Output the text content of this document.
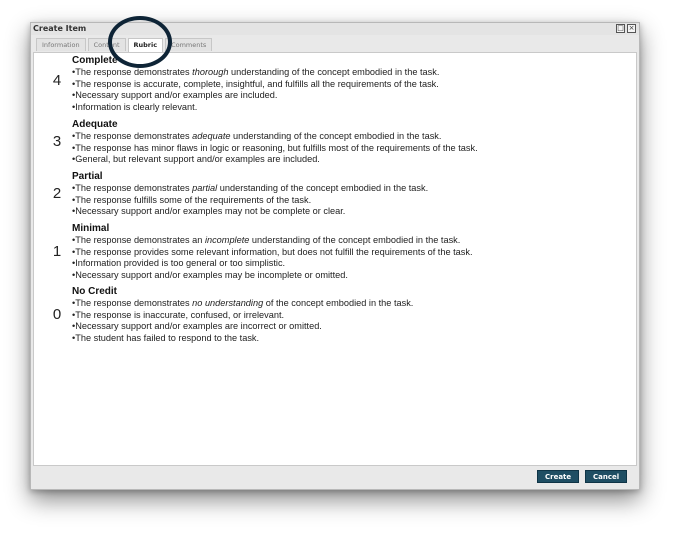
Create Item	□ ×
Information	Content	Rubric	Comments
4
Complete
•The response demonstrates thorough understanding of the concept embodied in the task.
•The response is accurate, complete, insightful, and fulfills all the requirements of the task.
•Necessary support and/or examples are included.
•Information is clearly relevant.
3
Adequate
•The response demonstrates adequate understanding of the concept embodied in the task.
•The response has minor flaws in logic or reasoning, but fulfills most of the requirements of the task.
•General, but relevant support and/or examples are included.
2
Partial
•The response demonstrates partial understanding of the concept embodied in the task.
•The response fulfills some of the requirements of the task.
•Necessary support and/or examples may not be complete or clear.
1
Minimal
•The response demonstrates an incomplete understanding of the concept embodied in the task.
•The response provides some relevant information, but does not fulfill the requirements of the task.
•Information provided is too general or too simplistic.
•Necessary support and/or examples may be incomplete or omitted.
0
No Credit
•The response demonstrates no understanding of the concept embodied in the task.
•The response is inaccurate, confused, or irrelevant.
•Necessary support and/or examples are incorrect or omitted.
•The student has failed to respond to the task.
Create	Cancel
